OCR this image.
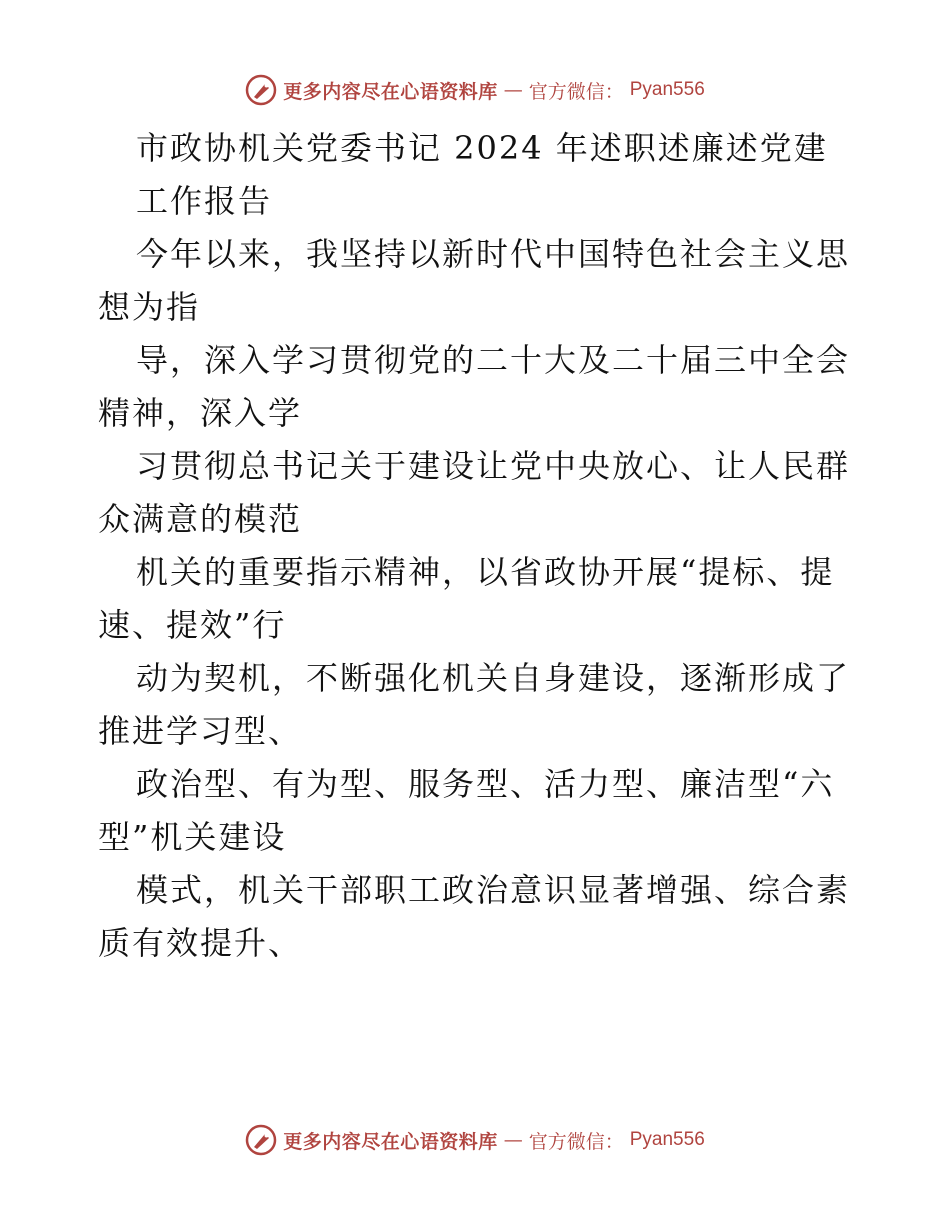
更多内容尽在心语资料库 — 官方微信： Pyan556
市政协机关党委书记 2024 年述职述廉述党建
工作报告
今年以来，我坚持以新时代中国特色社会主义思
想为指
导，深入学习贯彻党的二十大及二十届三中全会
精神，深入学
习贯彻总书记关于建设让党中央放心、让人民群
众满意的模范
机关的重要指示精神，以省政协开展“提标、提
速、提效”行
动为契机，不断强化机关自身建设，逐渐形成了
推进学习型、
政治型、有为型、服务型、活力型、廉洁型“六
型”机关建设
模式，机关干部职工政治意识显著增强、综合素
质有效提升、
更多内容尽在心语资料库 — 官方微信： Pyan556
